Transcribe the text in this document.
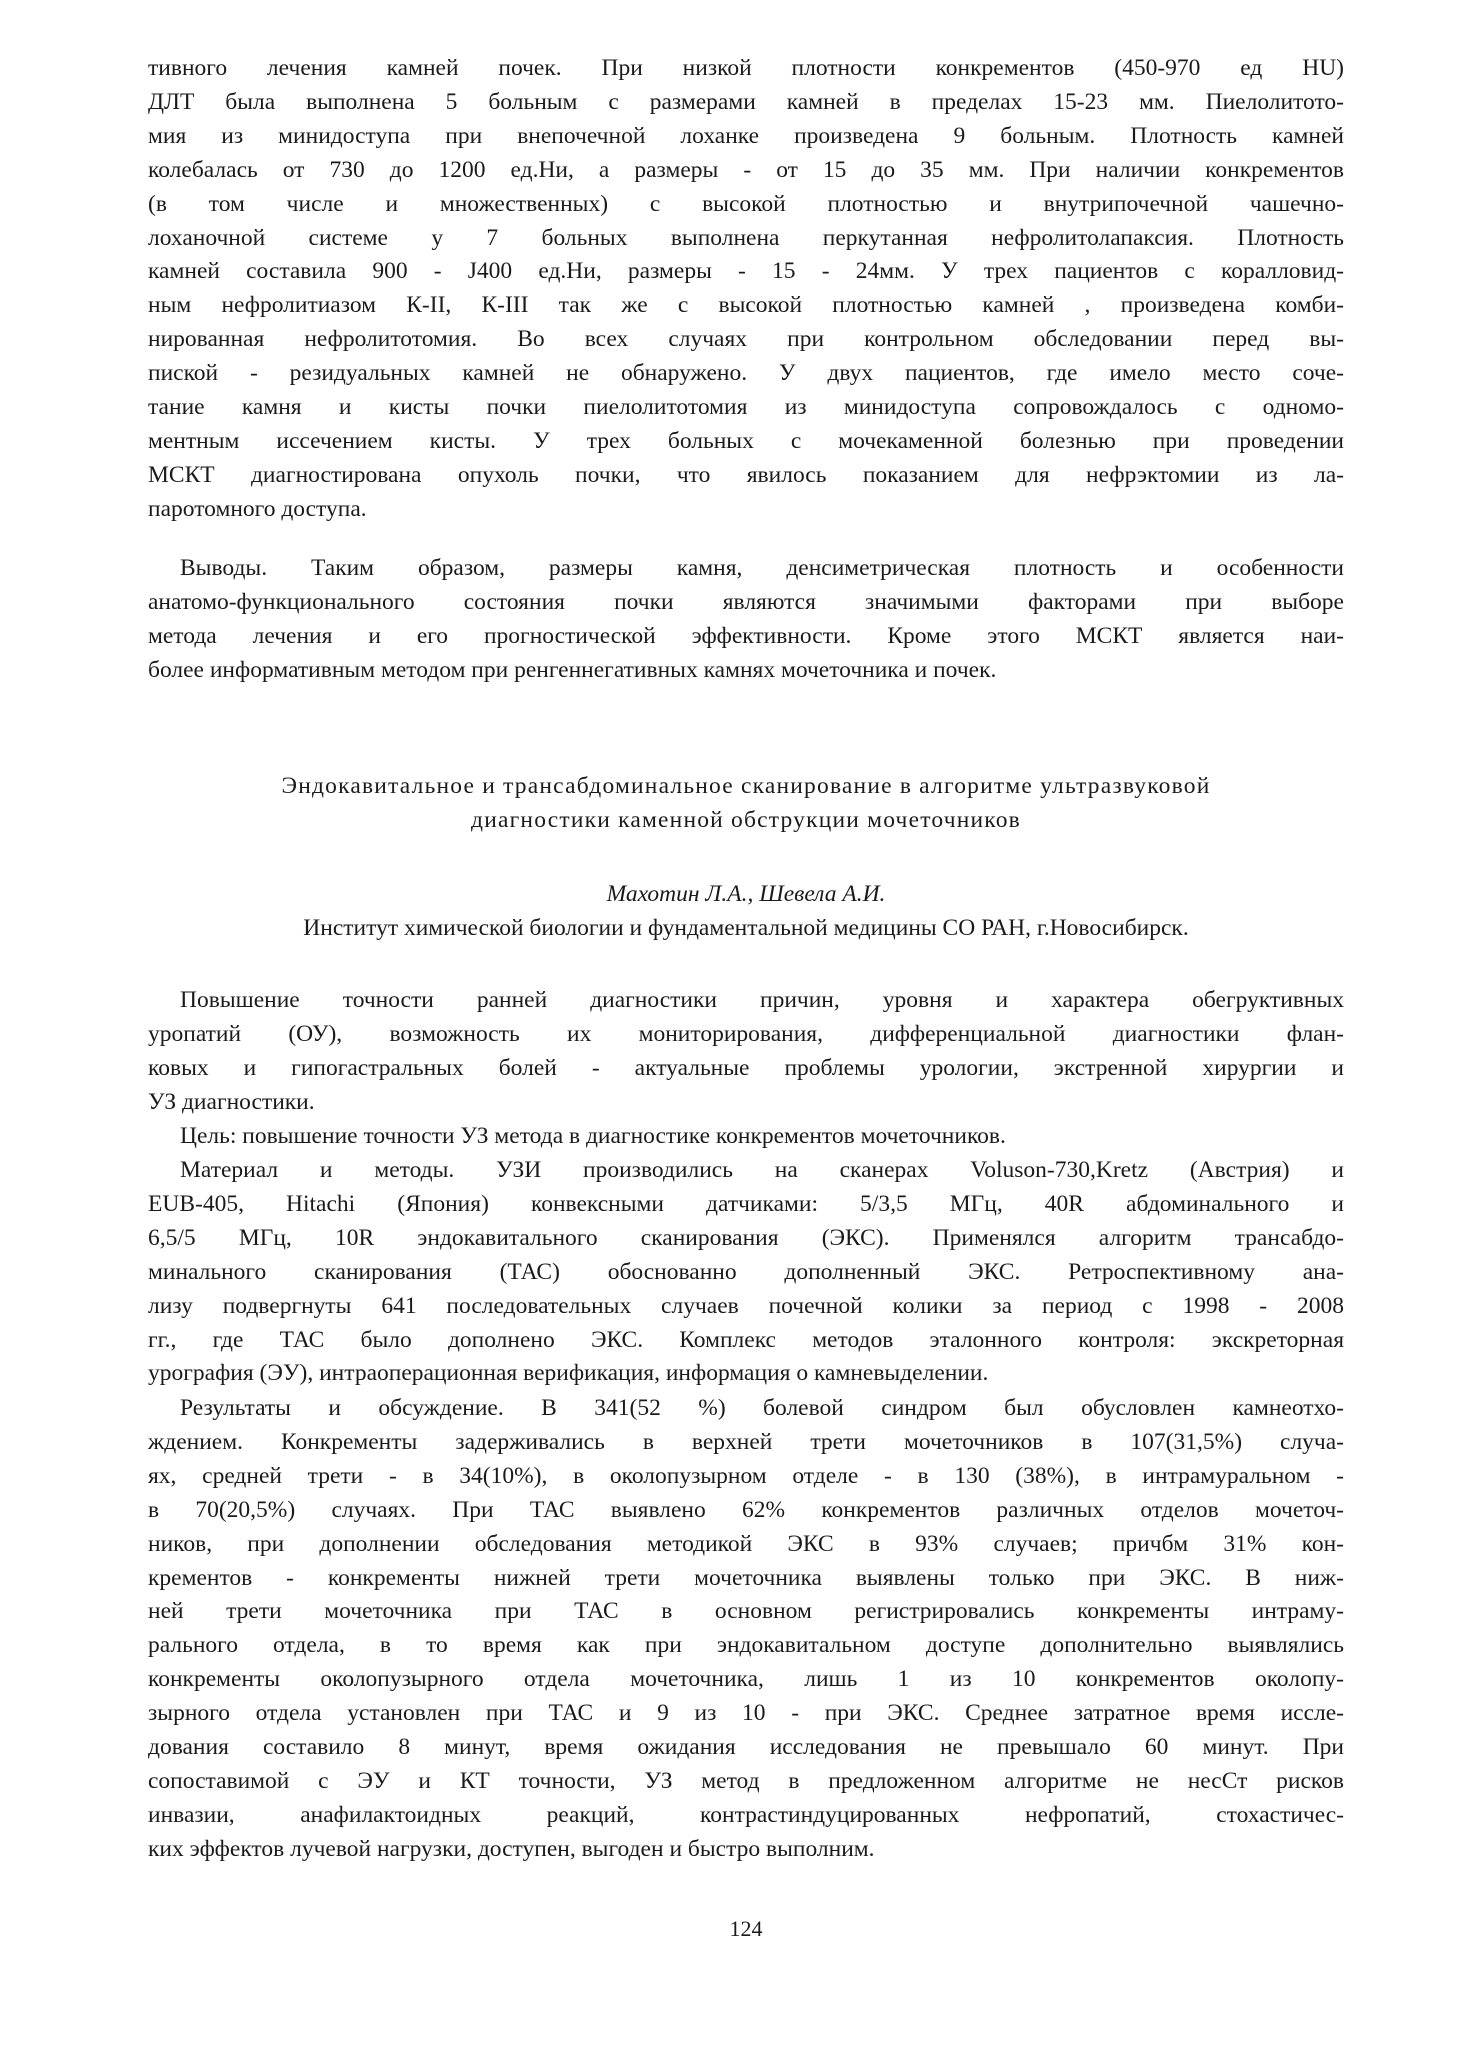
тивного лечения камней почек. При низкой плотности конкрементов (450-970 ед HU)

ДЛТ была выполнена 5 больным с размерами камней в пределах 15-23 мм. Пиелолитото-

мия из минидоступа при внепочечной лоханке произведена 9 больным. Плотность камней

колебалась от 730 до 1200 ед.Ни, а размеры - от 15 до 35 мм. При наличии конкрементов

(в том числе и множественных) с высокой плотностью и внутрипочечной чашечно-

лоханочной системе у 7 больных выполнена перкутанная нефролитолапаксия. Плотность

камней составила 900 - J400 ед.Ни, размеры - 15 - 24мм. У трех пациентов с коралловид-

ным нефролитиазом К-II, К-III так же с высокой плотностью камней , произведена комби-

нированная нефролитотомия. Во всех случаях при контрольном обследовании перед вы-

пиской - резидуальных камней не обнаружено. У двух пациентов, где имело место соче-

тание камня и кисты почки пиелолитотомия из минидоступа сопровождалось с одномо-

ментным иссечением кисты. У трех больных с мочекаменной болезнью при проведении

МСКТ диагностирована опухоль почки, что явилось показанием для нефрэктомии из ла-

паротомного доступа.

Выводы. Таким образом, размеры камня, денсиметрическая плотность и особенности

анатомо-функционального состояния почки являются значимыми факторами при выборе

метода лечения и его прогностической эффективности. Кроме этого МСКТ является наи-

более информативным методом при ренгеннегативных камнях мочеточника и почек.

Эндокавитальное и трансабдоминальное сканирование в алгоритме ультразвуковой

диагностики каменной обструкции мочеточников

Махотин Л.А., Шевела А.И.

Институт химической биологии и фундаментальной медицины СО РАН, г.Новосибирск.

Повышение точности ранней диагностики причин, уровня и характера обегруктивных

уропатий (ОУ), возможность их мониторирования, дифференциальной диагностики флан-

ковых и гипогастральных болей - актуальные проблемы урологии, экстренной хирургии и

УЗ диагностики.

Цель: повышение точности УЗ метода в диагностике конкрементов мочеточников.

Материал и методы. УЗИ производились на сканерах Voluson-730,Kretz (Австрия) и

EUB-405, Hitachi (Япония) конвексными датчиками: 5/3,5 МГц, 40R абдоминального и

6,5/5 МГц, 10R эндокавитального сканирования (ЭКС). Применялся алгоритм трансабдо-

минального сканирования (ТАС) обоснованно дополненный ЭКС. Ретроспективному ана-

лизу подвергнуты 641 последовательных случаев почечной колики за период с 1998 - 2008

гг., где ТАС было дополнено ЭКС. Комплекс методов эталонного контроля: экскреторная

урография (ЭУ), интраоперационная верификация, информация о камневыделении.

Результаты и обсуждение. В 341(52 %) болевой синдром был обусловлен камнеотхо-

ждением. Конкременты задерживались в верхней трети мочеточников в 107(31,5%) случа-

ях, средней трети - в 34(10%), в околопузырном отделе - в 130 (38%), в интрамуральном -

в 70(20,5%) случаях. При ТАС выявлено 62% конкрементов различных отделов мочеточ-

ников, при дополнении обследования методикой ЭКС в 93% случаев; причбм 31% кон-

крементов - конкременты нижней трети мочеточника выявлены только при ЭКС. В ниж-

ней трети мочеточника при ТАС в основном регистрировались конкременты интраму-

рального отдела, в то время как при эндокавитальном доступе дополнительно выявлялись

конкременты околопузырного отдела мочеточника, лишь 1 из 10 конкрементов околопу-

зырного отдела установлен при ТАС и 9 из 10 - при ЭКС. Среднее затратное время иссле-

дования составило 8 минут, время ожидания исследования не превышало 60 минут. При

сопоставимой с ЭУ и КТ точности, УЗ метод в предложенном алгоритме не несСт рисков

инвазии, анафилактоидных реакций, контрастиндуцированных нефропатий, стохастичес-

ких эффектов лучевой нагрузки, доступен, выгоден и быстро выполним.

124
